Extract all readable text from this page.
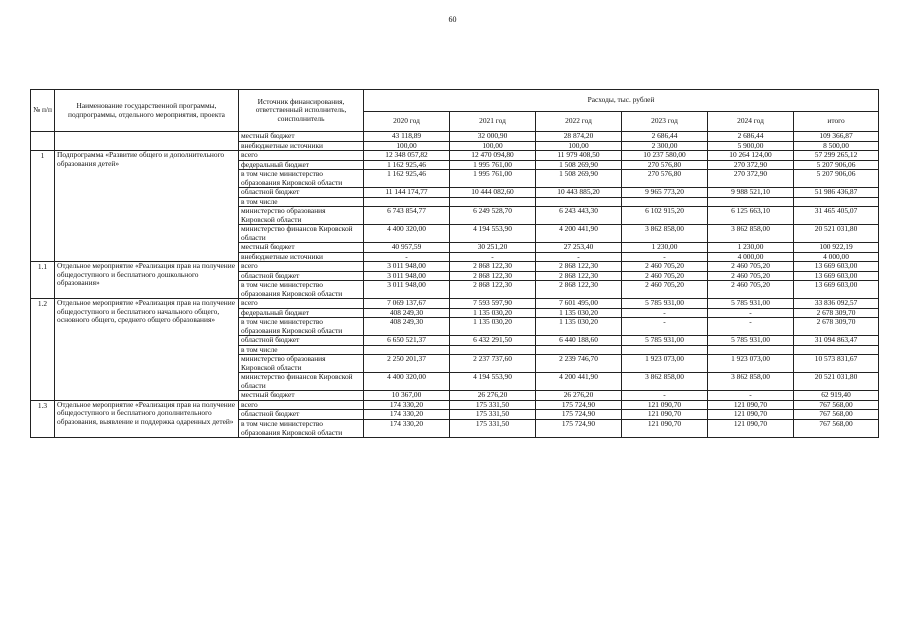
60
№ п/п	Наименование государственной программы, подпрограммы, отдельного мероприятия, проекта	Источник финансирования, ответственный исполнитель, соисполнитель	Расходы, тыс. рублей					
			2020 год	2021 год	2022 год	2023 год	2024 год	итого
		местный бюджет	43 118,89	32 000,90	28 874,20	2 686,44	2 686,44	109 366,87
		внебюджетные источники	100,00	100,00	100,00	2 300,00	5 900,00	8 500,00
1	Подпрограмма «Развитие общего и дополнительного образования детей»	всего	12 348 057,82	12 470 094,80	11 979 408,50	10 237 580,00	10 264 124,00	57 299 265,12
		федеральный бюджет	1 162 925,46	1 995 761,00	1 508 269,90	270 576,80	270 372,90	5 207 906,06
		в том числе министерство образования Кировской области	1 162 925,46	1 995 761,00	1 508 269,90	270 576,80	270 372,90	5 207 906,06
		областной бюджет	11 144 174,77	10 444 082,60	10 443 885,20	9 965 773,20	9 988 521,10	51 986 436,87
		в том числе						
		министерство образования Кировской области	6 743 854,77	6 249 528,70	6 243 443,30	6 102 915,20	6 125 663,10	31 465 405,07
		министерство финансов Кировской области	4 400 320,00	4 194 553,90	4 200 441,90	3 862 858,00	3 862 858,00	20 521 031,80
		местный бюджет	40 957,59	30 251,20	27 253,40	1 230,00	1 230,00	100 922,19
		внебюджетные источники	-	-	-	-	4 000,00	4 000,00
1.1	Отдельное мероприятие «Реализация прав на получение общедоступного и бесплатного дошкольного образования»	всего	3 011 948,00	2 868 122,30	2 868 122,30	2 460 705,20	2 460 705,20	13 669 603,00
		областной бюджет	3 011 948,00	2 868 122,30	2 868 122,30	2 460 705,20	2 460 705,20	13 669 603,00
		в том числе министерство образования Кировской области	3 011 948,00	2 868 122,30	2 868 122,30	2 460 705,20	2 460 705,20	13 669 603,00
1.2	Отдельное мероприятие «Реализация прав на получение общедоступного и бесплатного начального общего, основного общего, среднего общего образования»	всего	7 069 137,67	7 593 597,90	7 601 495,00	5 785 931,00	5 785 931,00	33 836 092,57
		федеральный бюджет	408 249,30	1 135 030,20	1 135 030,20	-	-	2 678 309,70
		в том числе министерство образования Кировской области	408 249,30	1 135 030,20	1 135 030,20	-	-	2 678 309,70
		областной бюджет	6 650 521,37	6 432 291,50	6 440 188,60	5 785 931,00	5 785 931,00	31 094 863,47
		в том числе						
		министерство образования Кировской области	2 250 201,37	2 237 737,60	2 239 746,70	1 923 073,00	1 923 073,00	10 573 831,67
		министерство финансов Кировской области	4 400 320,00	4 194 553,90	4 200 441,90	3 862 858,00	3 862 858,00	20 521 031,80
		местный бюджет	10 367,00	26 276,20	26 276,20	-	-	62 919,40
1.3	Отдельное мероприятие «Реализация прав на получение общедоступного и бесплатного дополнительного образования, выявление и поддержка одаренных детей»	всего	174 330,20	175 331,50	175 724,90	121 090,70	121 090,70	767 568,00
		областной бюджет	174 330,20	175 331,50	175 724,90	121 090,70	121 090,70	767 568,00
		в том числе министерство образования Кировской области	174 330,20	175 331,50	175 724,90	121 090,70	121 090,70	767 568,00
